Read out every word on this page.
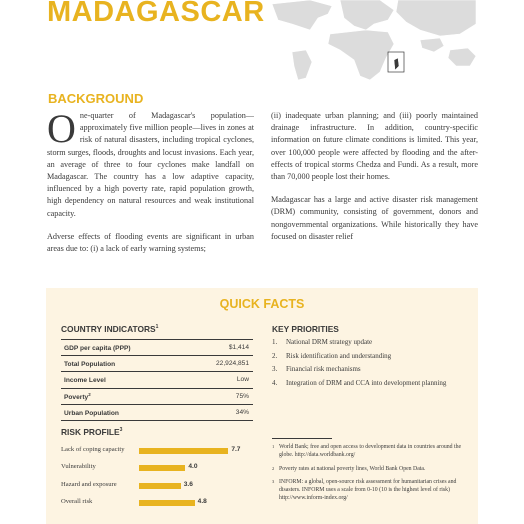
MADAGASCAR
BACKGROUND

O ne-quarter of Madagascar's population—approximately five million people—lives in zones at risk of natural disasters, including tropical cyclones, storm surges, floods, droughts and locust invasions. Each year, an average of three to four cyclones make landfall on Madagascar. The country has a low adaptive capacity, influenced by a high poverty rate, rapid population growth, high dependency on natural resources and weak institutional capacity.

Adverse effects of flooding events are significant in urban areas due to: (i) a lack of early warning systems;

(ii) inadequate urban planning; and (iii) poorly maintained drainage infrastructure. In addition, country-specific information on future climate conditions is limited. This year, over 100,000 people were affected by flooding and the after-effects of tropical storms Chedza and Fundi. As a result, more than 70,000 people lost their homes.

Madagascar has a large and active disaster risk management (DRM) community, consisting of government, donors and nongovernmental organizations. While historically they have focused on disaster relief

QUICK FACTS
COUNTRY INDICATORS$^1$
GDP per capita (PPP)	$1,414
Total Population	22,924,851
Income Level	Low
Poverty$^2$	75%
Urban Population	34%
KEY PRIORITIES
1. National DRM strategy update
2. Risk identification and understanding
3. Financial risk mechanisms
4. Integration of DRM and CCA into development planning
RISK PROFILE$^3$
Lack of coping capacity	7.7
Vulnerability	4.0
Hazard and exposure	3.6
Overall risk	4.8
1 World Bank; free and open access to development data in countries around the globe. http://data.worldbank.org/
2 Poverty rates at national poverty lines, World Bank Open Data.
3 INFORM: a global, open-source risk assessment for humanitarian crises and disasters. INFORM uses a scale from 0-10 (10 is the highest level of risk) http://www.inform-index.org/
